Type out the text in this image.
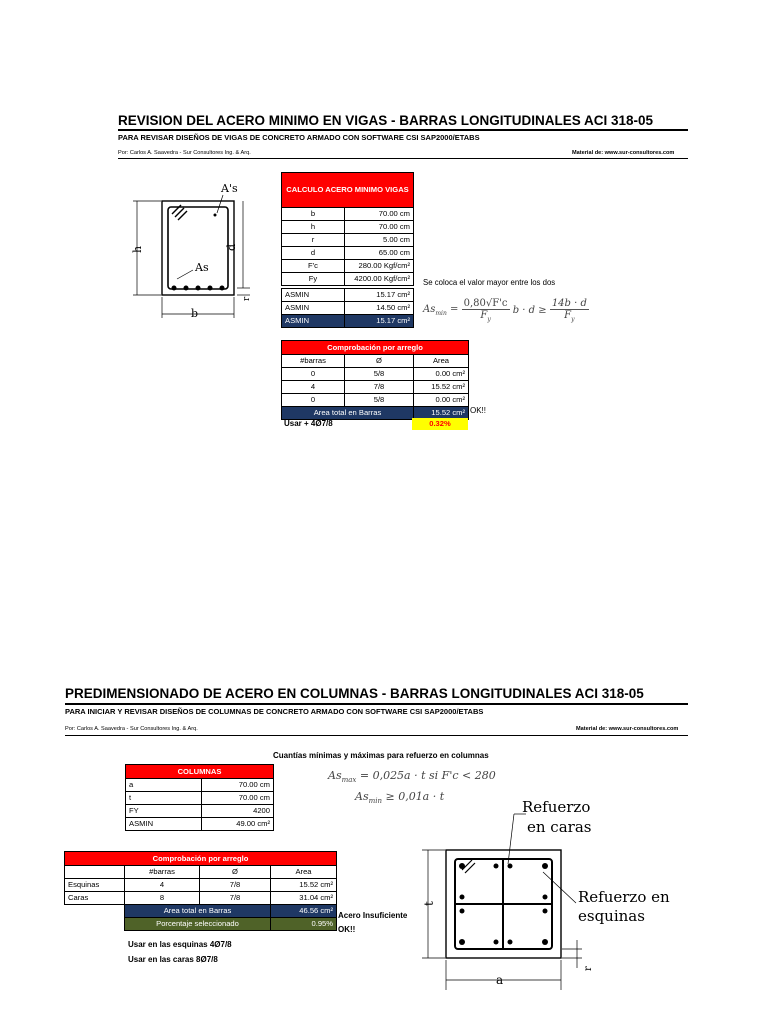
REVISION DEL ACERO MINIMO EN VIGAS - BARRAS LONGITUDINALES ACI 318-05
PARA REVISAR DISEÑOS DE VIGAS DE CONCRETO ARMADO CON SOFTWARE CSI SAP2000/ETABS
Por: Carlos A. Saavedra - Sur Consultores Ing. & Arq.	Material de: www.sur-consultores.com
A's
As
h	d
r
b
CALCULO ACERO MINIMO VIGAS	
b	70.00 cm
h	70.00 cm
r	5.00 cm
d	65.00 cm
F'c	280.00 Kgf/cm²
Fy	4200.00 Kgf/cm² Se coloca el valor mayor entre los dos
$As_{min} = \frac{0,80√F'c}{F_y}$ $b \cdot d \ge \frac{14b \cdot d}{F_y}$
ASMIN	15.17 cm²
ASMIN	14.50 cm²
ASMIN	15.17 cm²
Comprobación por arreglo		
#barras	Ø	Area
0	5/8	0.00 cm²
4	7/8	15.52 cm²
0	5/8	0.00 cm²
Area total en Barras		15.52 cm² OK!!
Usar + 4Ø7/8	0.32%
PREDIMENSIONADO DE ACERO EN COLUMNAS - BARRAS LONGITUDINALES ACI 318-05
PARA INICIAR Y REVISAR DISEÑOS DE COLUMNAS DE CONCRETO ARMADO CON SOFTWARE CSI SAP2000/ETABS
Por: Carlos A. Saavedra - Sur Consultores Ing. & Arq.	Material de: www.sur-consultores.com
Cuantías mínimas y máximas para refuerzo en columnas
$As_{max} = 0,025a \cdot t$ si F'c < 280
$As_{min} \ge 0,01a \cdot t$
COLUMNAS	
a	70.00 cm
t	70.00 cm
FY	4200
ASMIN	49.00 cm²
Comprobación por arreglo			
	#barras	Ø	Area
Esquinas	4	7/8	15.52 cm²
Caras	8	7/8	31.04 cm²
	Area total en Barras		46.56 cm²
	Porcentaje seleccionado		0.95%
Acero Insuficiente
OK!!
Usar en las esquinas 4Ø7/8
Usar en las caras 8Ø7/8
Refuerzo
en caras
Refuerzo en
esquinas
t
a
r
